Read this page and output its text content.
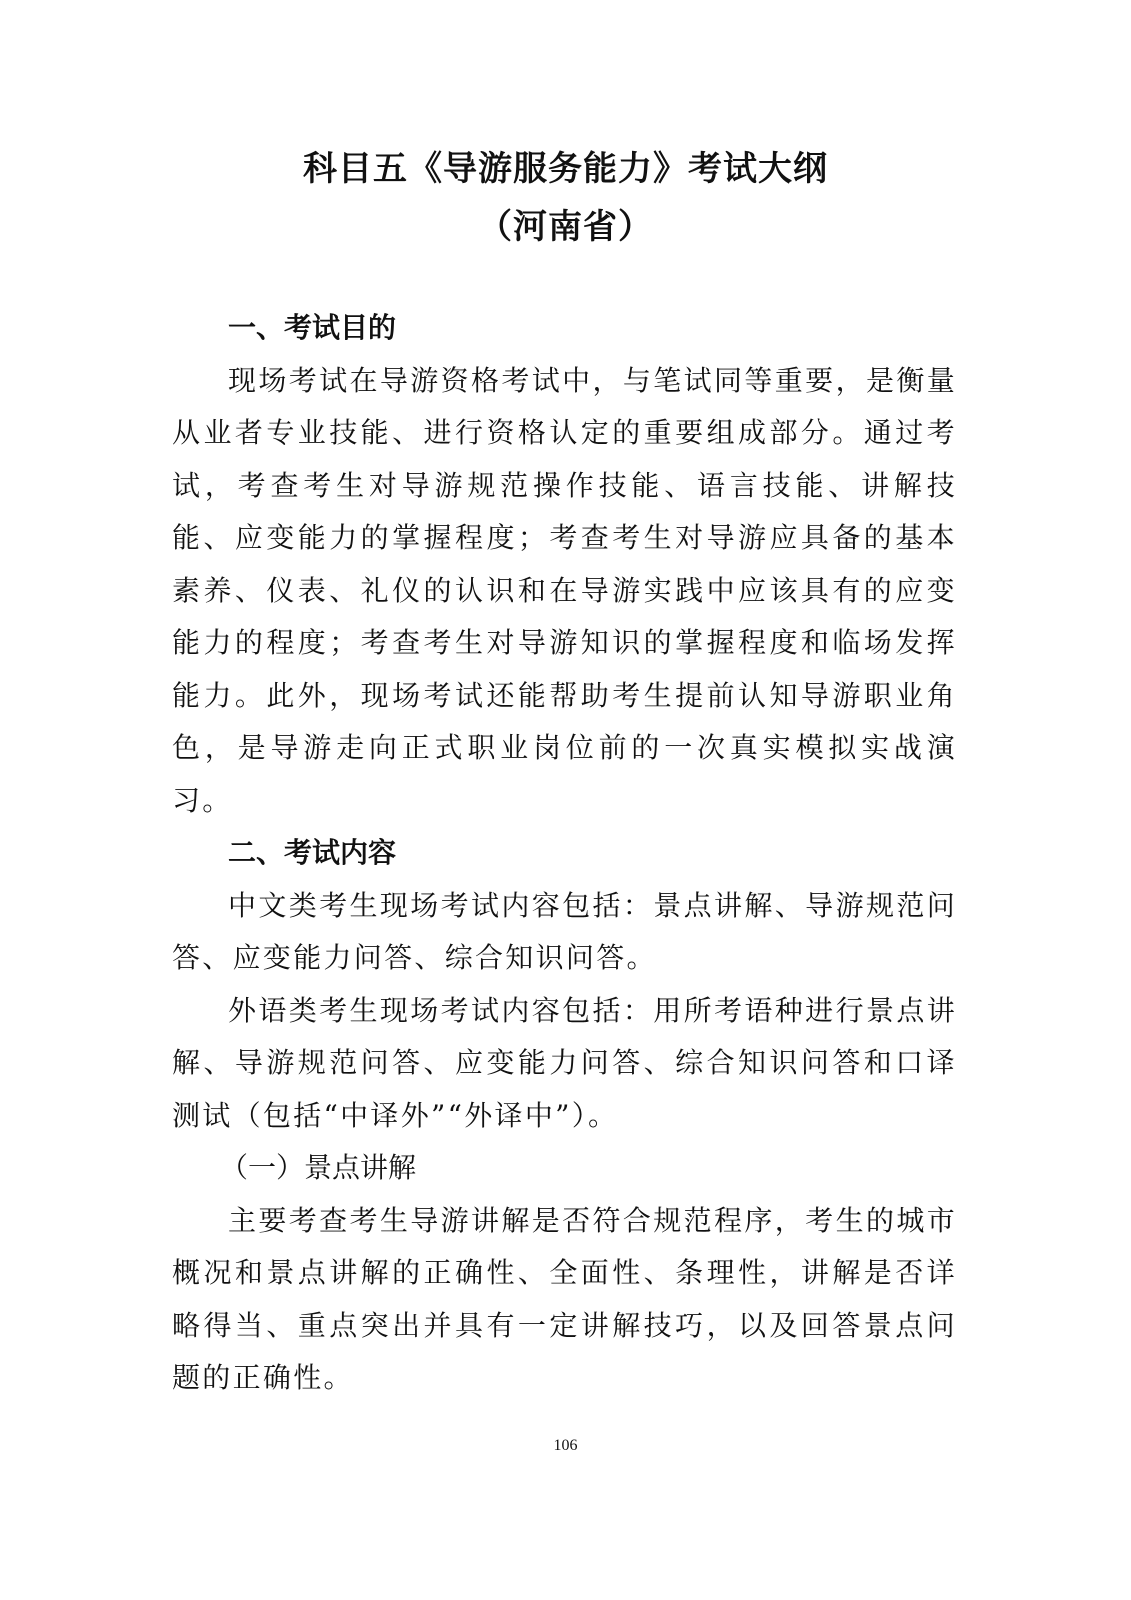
科目五《导游服务能力》考试大纲
（河南省）
一、考试目的

现场考试在导游资格考试中，与笔试同等重要，是衡量从业者专业技能、进行资格认定的重要组成部分。通过考试，考查考生对导游规范操作技能、语言技能、讲解技能、应变能力的掌握程度；考查考生对导游应具备的基本素养、仪表、礼仪的认识和在导游实践中应该具有的应变能力的程度；考查考生对导游知识的掌握程度和临场发挥能力。此外，现场考试还能帮助考生提前认知导游职业角色，是导游走向正式职业岗位前的一次真实模拟实战演习。

二、考试内容

中文类考生现场考试内容包括：景点讲解、导游规范问答、应变能力问答、综合知识问答。

外语类考生现场考试内容包括：用所考语种进行景点讲解、导游规范问答、应变能力问答、综合知识问答和口译测试（包括“中译外”“外译中”）。

（一）景点讲解

主要考查考生导游讲解是否符合规范程序，考生的城市概况和景点讲解的正确性、全面性、条理性，讲解是否详略得当、重点突出并具有一定讲解技巧，以及回答景点问题的正确性。

106
